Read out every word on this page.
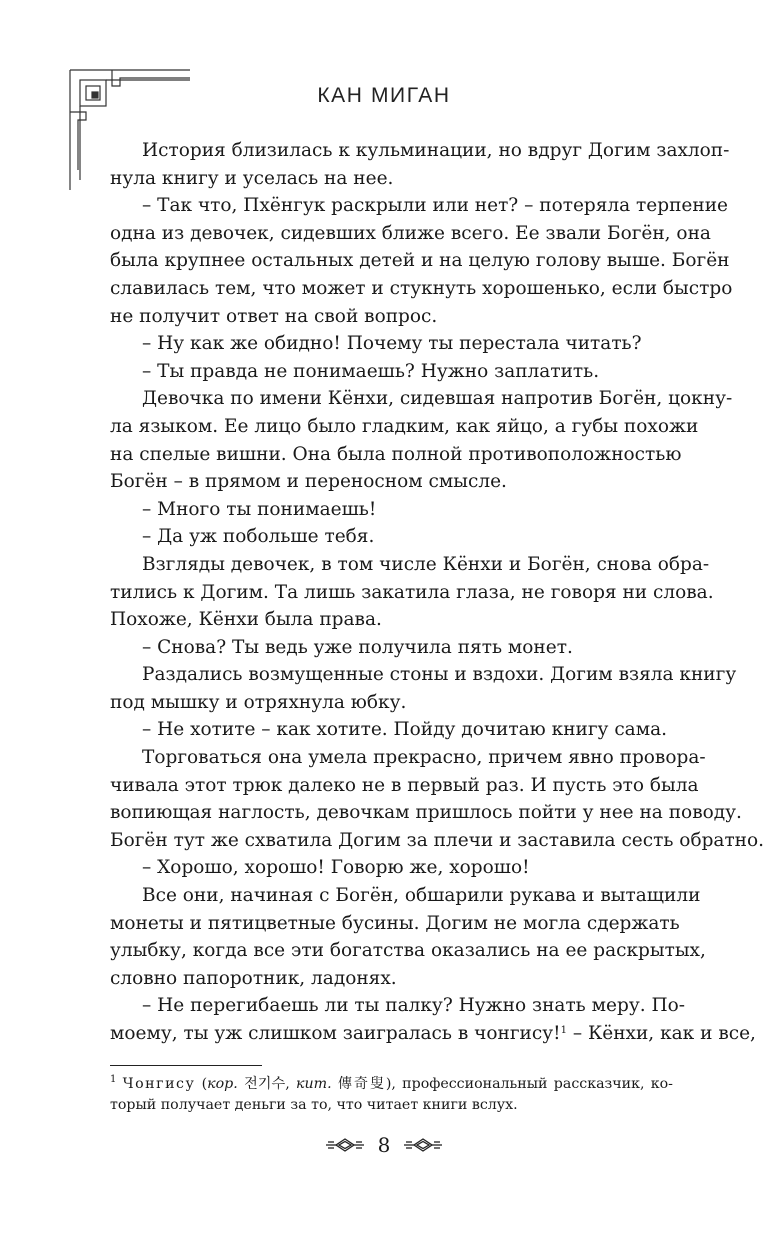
КАН МИГАН
История близилась к кульминации, но вдруг Догим захлоп-
нула книгу и уселась на нее.
– Так что, Пхёнгук раскрыли или нет? – потеряла терпение
одна из девочек, сидевших ближе всего. Ее звали Богён, она
была крупнее остальных детей и на целую голову выше. Богён
славилась тем, что может и стукнуть хорошенько, если быстро
не получит ответ на свой вопрос.
– Ну как же обидно! Почему ты перестала читать?
– Ты правда не понимаешь? Нужно заплатить.
Девочка по имени Кёнхи, сидевшая напротив Богён, цокну-
ла языком. Ее лицо было гладким, как яйцо, а губы похожи
на спелые вишни. Она была полной противоположностью
Богён – в прямом и переносном смысле.
– Много ты понимаешь!
– Да уж побольше тебя.
Взгляды девочек, в том числе Кёнхи и Богён, снова обра-
тились к Догим. Та лишь закатила глаза, не говоря ни слова.
Похоже, Кёнхи была права.
– Снова? Ты ведь уже получила пять монет.
Раздались возмущенные стоны и вздохи. Догим взяла книгу
под мышку и отряхнула юбку.
– Не хотите – как хотите. Пойду дочитаю книгу сама.
Торговаться она умела прекрасно, причем явно провора-
чивала этот трюк далеко не в первый раз. И пусть это была
вопиющая наглость, девочкам пришлось пойти у нее на поводу.
Богён тут же схватила Догим за плечи и заставила сесть обратно.
– Хорошо, хорошо! Говорю же, хорошо!
Все они, начиная с Богён, обшарили рукава и вытащили
монеты и пятицветные бусины. Догим не могла сдержать
улыбку, когда все эти богатства оказались на ее раскрытых,
словно папоротник, ладонях.
– Не перегибаешь ли ты палку? Нужно знать меру. По-
моему, ты уж слишком заигралась в чонгису!$^1$ – Кёнхи, как и все,
$^1$ Чонгису (кор. 전기수, кит. 傳奇叟), профессиональный рассказчик, ко-
торый получает деньги за то, что читает книги вслух.
8
